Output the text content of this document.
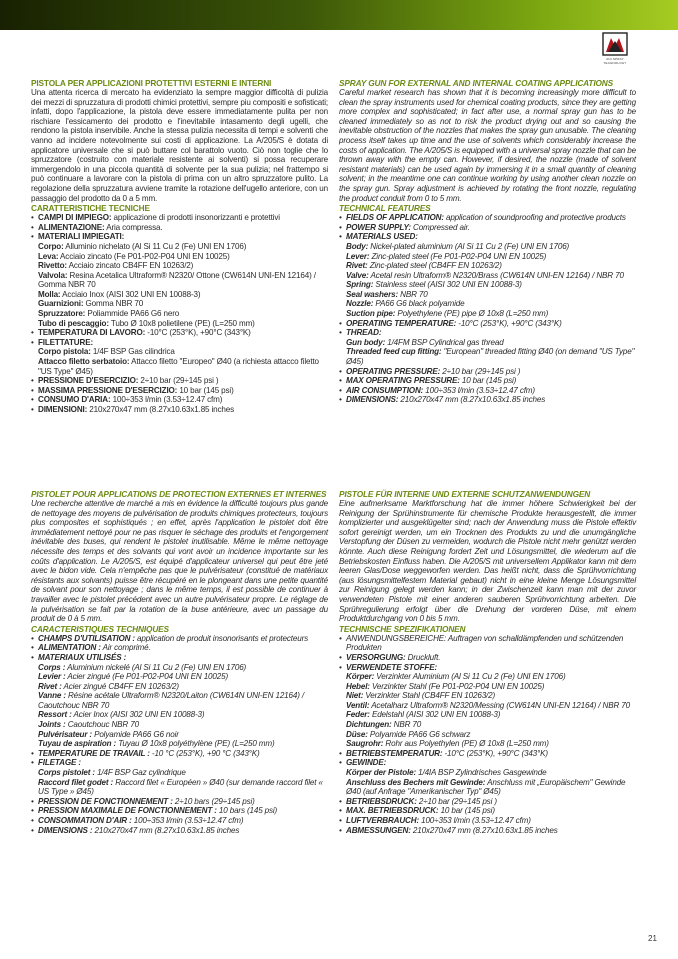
ANI SPRAY TECHNOLOGY
PISTOLA PER APPLICAZIONI PROTETTIVI ESTERNI E INTERNI

Una attenta ricerca di mercato ha evidenziato la sempre maggior difficoltà di pulizia dei mezzi di spruzzatura di prodotti chimici protettivi, sempre piu compositi e sofisticati; infatti, dopo l'applicazione, la pistola deve essere immediatamente pulita per non rischiare l'essicamento dei prodotto e l'inevitabile intasamento degli ugelli, che rendono la pistola inservibile. Anche la stessa pulizia necessita di tempi e solventi che vanno ad incidere notevolmente sui costi di applicazione. La A/205/S è dotata di applicatore universale che si può buttare col barattolo vuoto. Ciò non toglie che lo spruzzatore (costruito con materiale resistente ai solventi) si possa recuperare immergendolo in una piccola quantità di solvente per la sua pulizia; nel frattempo si può continuare a lavorare con la pistola di prima con un altro spruzzatore pulito. La regolazione della spruzzatura avviene tramite la rotazione dell'ugello anteriore, con un passaggio del prodotto da 0 a 5 mm.

CARATTERISTICHE TECNICHE
• CAMPI DI IMPIEGO: applicazione di prodotti insonorizzanti e protettivi
• ALIMENTAZIONE: Aria compressa.
• MATERIALI IMPIEGATI:
Corpo: Alluminio nichelato (Al Si 11 Cu 2 (Fe) UNI EN 1706)
Leva: Acciaio zincato (Fe P01-P02-P04 UNI EN 10025)
Rivetto: Acciaio zincato CB4FF EN 10263/2)
Valvola: Resina Acetalica Ultraform® N2320/ Ottone (CW614N UNI-EN 12164) / Gomma NBR 70
Molla: Acciaio Inox (AISI 302 UNI EN 10088-3)
Guarnizioni: Gomma NBR 70
Spruzzatore: Poliammide PA66 G6 nero
Tubo di pescaggio: Tubo Ø 10x8 polietilene (PE) (L=250 mm)
• TEMPERATURA DI LAVORO: -10°C (253°K), +90°C (343°K)
• FILETTATURE:
Corpo pistola: 1/4F BSP Gas cilindrica
Attacco filetto serbatoio: Attacco filetto "Europeo" Ø40 (a richiesta attacco filetto "US Type" Ø45)
• PRESSIONE D'ESERCIZIO: 2÷10 bar (29÷145 psi )
• MASSIMA PRESSIONE D'ESERCIZIO: 10 bar (145 psi)
• CONSUMO D'ARIA: 100÷353 l/min (3.53÷12.47 cfm)
• DIMENSIONI: 210x270x47 mm (8.27x10.63x1.85 inches
SPRAY GUN FOR EXTERNAL AND INTERNAL COATING APPLICATIONS

Careful market research has shown that it is becoming increasingly more difficult to clean the spray instruments used for chemical coating products, since they are getting more complex and sophisticated; in fact after use, a normal spray gun has to be cleaned immediately so as not to risk the product drying out and so causing the inevitable obstruction of the nozzles that makes the spray gun unusable. The cleaning process itself takes up time and the use of solvents which considerably increase the costs of application. The A/205/S is equipped with a universal spray nozzle that can be thrown away with the empty can. However, if desired, the nozzle (made of solvent resistant materials) can be used again by immersing it in a small quantity of cleaning solvent; in the meantime one can continue working by using another clean nozzle on the spray gun. Spray adjustment is achieved by rotating the front nozzle, regulating the product conduit from 0 to 5 mm.

TECHNICAL FEATURES
• FIELDS OF APPLICATION: application of soundproofing and protective products
• POWER SUPPLY: Compressed air.
• MATERIALS USED:
Body: Nickel-plated aluminium (Al Si 11 Cu 2 (Fe) UNI EN 1706)
Lever: Zinc-plated steel (Fe P01-P02-P04 UNI EN 10025)
Rivet: Zinc-plated steel (CB4FF EN 10263/2)
Valve: Acetal resin Ultraform® N2320/Brass (CW614N UNI-EN 12164) / NBR 70
Spring: Stainless steel (AISI 302 UNI EN 10088-3)
Seal washers: NBR 70
Nozzle: PA66 G6 black polyamide
Suction pipe: Polyethylene (PE) pipe Ø 10x8 (L=250 mm)
• OPERATING TEMPERATURE: -10°C (253°K), +90°C (343°K)
• THREAD:
Gun body: 1/4FM BSP Cylindrical gas thread
Threaded feed cup fitting: "European" threaded fitting Ø40 (on demand "US Type" Ø45)
• OPERATING PRESSURE: 2÷10 bar (29÷145 psi )
• MAX OPERATING PRESSURE: 10 bar (145 psi)
• AIR CONSUMPTION: 100÷353 l/min (3.53÷12.47 cfm)
• DIMENSIONS: 210x270x47 mm (8.27x10.63x1.85 inches
PISTOLET POUR APPLICATIONS DE PROTECTION EXTERNES ET INTERNES

Une recherche attentive de marché a mis en évidence la difficulté toujours plus gande de nettoyage des moyens de pulvérisation de produits chimiques protecteurs, toujours plus composites et sophistiqués ; en effet, après l'application le pistolet doit être immédiatement nettoyé pour ne pas risquer le séchage des produits et l'engorgement inévitable des buses, qui rendent le pistolet inutilisable. Même le même nettoyage nécessite des temps et des solvants qui vont avoir un incidence importante sur les coûts d'application. Le A/205/S, est équipé d'applicateur universel qui peut être jeté avec le bidon vide. Cela n'empêche pas que le pulvérisateur (constitué de matériaux résistants aux solvants) puisse être récupéré en le plongeant dans une petite quantité de solvant pour son nettoyage ; dans le même temps, il est possible de continuer à travailler avec le pistolet précédent avec un autre pulvérisateur propre. Le réglage de la pulvérisation se fait par la rotation de la buse antérieure, avec un passage du produit de 0 à 5 mm.

CARACTERISTIQUES TECHNIQUES
• CHAMPS D'UTILISATION : application de produit insonorisants et protecteurs
• ALIMENTATION : Air comprimé.
• MATERIAUX UTILISÉS :
Corps : Aluminium nickelé (Al Si 11 Cu 2 (Fe) UNI EN 1706)
Levier : Acier zingué (Fe P01-P02-P04 UNI EN 10025)
Rivet : Acier zingué CB4FF EN 10263/2)
Vanne : Résine acétale Ultraform® N2320/Laiton (CW614N UNI-EN 12164) / Caoutchouc NBR 70
Ressort : Acier Inox (AISI 302 UNI EN 10088-3)
Joints : Caoutchouc NBR 70
Pulvérisateur : Polyamide PA66 G6 noir
Tuyau de aspiration : Tuyau Ø 10x8 polyéthylène (PE) (L=250 mm)
• TEMPERATURE DE TRAVAIL : -10 °C (253°K), +90 °C (343°K)
• FILETAGE :
Corps pistolet : 1/4F BSP Gaz cylindrique
Raccord filet godet : Raccord filet « Européen » Ø40 (sur demande raccord filet « US Type » Ø45)
• PRESSION DE FONCTIONNEMENT : 2÷10 bars (29÷145 psi)
• PRESSION MAXIMALE DE FONCTIONNEMENT : 10 bars (145 psi)
• CONSOMMATION D'AIR : 100÷353 l/min (3.53÷12.47 cfm)
• DIMENSIONS : 210x270x47 mm (8.27x10.63x1.85 inches
PISTOLE FÜR INTERNE UND EXTERNE SCHUTZANWENDUNGEN

Eine aufmerksame Marktforschung hat die immer höhere Schwierigkeit bei der Reinigung der Sprühinstrumente für chemische Produkte herausgestellt, die immer komplizierter und ausgeklügelter sind; nach der Anwendung muss die Pistole effektiv sofort gereinigt werden, um ein Trocknen des Produkts zu und die unumgängliche Verstopfung der Düsen zu vermeiden, wodurch die Pistole nicht mehr genützt werden könnte. Auch diese Reinigung fordert Zeit und Lösungsmittel, die wiederum auf die Betriebskosten Einfluss haben. Die A/205/S mit universellem Applikator kann mit dem leeren Glas/Dose weggeworfen werden. Das heißt nicht, dass die Sprühvorrichtung (aus lösungsmittelfestem Material gebaut) nicht in eine kleine Menge Lösungsmittel zur Reinigung gelegt werden kann; in der Zwischenzeit kann man mit der zuvor verwendeten Pistole mit einer anderen sauberen Sprühvorrichtung arbeiten. Die Sprühregulierung erfolgt über die Drehung der vorderen Düse, mit einem Produktdurchgang von 0 bis 5 mm.

TECHNISCHE SPEZIFIKATIONEN
• ANWENDUNGSBEREICHE: Auftragen von schalldämpfenden und schützenden Produkten
• VERSORGUNG: Druckluft.
• VERWENDETE STOFFE:
Körper: Verzinkter Aluminium (Al Si 11 Cu 2 (Fe) UNI EN 1706)
Hebel: Verzinkter Stahl (Fe P01-P02-P04 UNI EN 10025)
Niet: Verzinkter Stahl (CB4FF EN 10263/2)
Ventil: Acetalharz Ultraform® N2320/Messing (CW614N UNI-EN 12164) / NBR 70
Feder: Edelstahl (AISI 302 UNI EN 10088-3)
Dichtungen: NBR 70
Düse: Polyamide PA66 G6 schwarz
Saugrohr: Rohr aus Polyethylen (PE) Ø 10x8 (L=250 mm)
• BETRIEBSTEMPERATUR: -10°C (253°K), +90°C (343°K)
• GEWINDE:
Körper der Pistole: 1/4IA BSP Zylindrisches Gasgewinde
Anschluss des Bechers mit Gewinde: Anschluss mit „Europäischem" Gewinde Ø40 (auf Anfrage "Amerikanischer Typ" Ø45)
• BETRIEBSDRUCK: 2÷10 bar (29÷145 psi )
• MAX. BETRIEBSDRUCK: 10 bar (145 psi)
• LUFTVERBRAUCH: 100÷353 l/min (3.53÷12.47 cfm)
• ABMESSUNGEN: 210x270x47 mm (8.27x10.63x1.85 inches
21
